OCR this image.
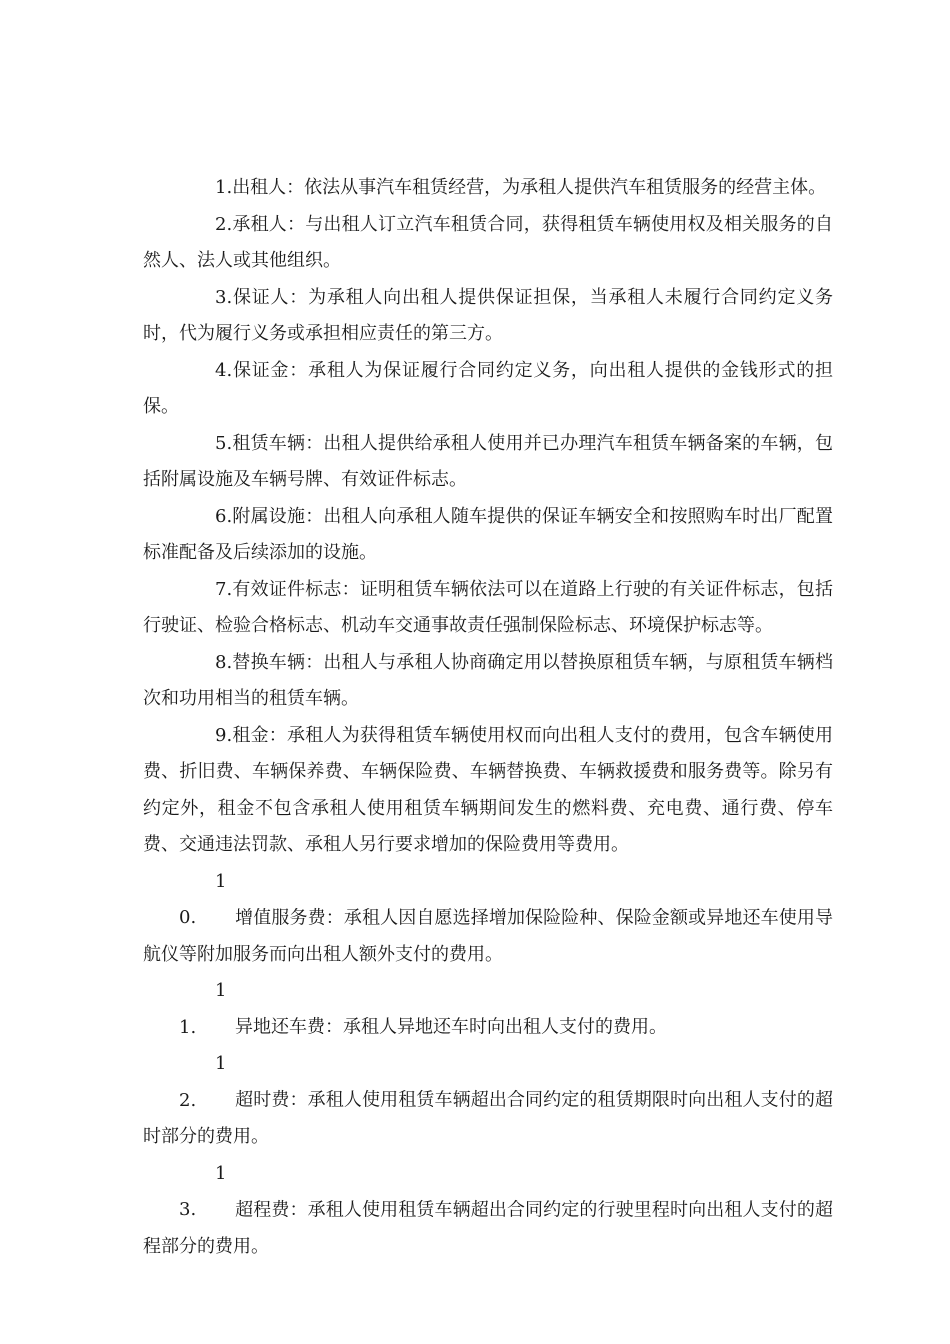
1.出租人：依法从事汽车租赁经营，为承租人提供汽车租赁服务的经营主体。

2.承租人：与出租人订立汽车租赁合同，获得租赁车辆使用权及相关服务的自然人、法人或其他组织。

3.保证人：为承租人向出租人提供保证担保，当承租人未履行合同约定义务时，代为履行义务或承担相应责任的第三方。

4.保证金：承租人为保证履行合同约定义务，向出租人提供的金钱形式的担保。

5.租赁车辆：出租人提供给承租人使用并已办理汽车租赁车辆备案的车辆，包括附属设施及车辆号牌、有效证件标志。

6.附属设施：出租人向承租人随车提供的保证车辆安全和按照购车时出厂配置标准配备及后续添加的设施。

7.有效证件标志：证明租赁车辆依法可以在道路上行驶的有关证件标志，包括行驶证、检验合格标志、机动车交通事故责任强制保险标志、环境保护标志等。

8.替换车辆：出租人与承租人协商确定用以替换原租赁车辆，与原租赁车辆档次和功用相当的租赁车辆。

9.租金：承租人为获得租赁车辆使用权而向出租人支付的费用，包含车辆使用费、折旧费、车辆保养费、车辆保险费、车辆替换费、车辆救援费和服务费等。除另有约定外，租金不包含承租人使用租赁车辆期间发生的燃料费、充电费、通行费、停车费、交通违法罚款、承租人另行要求增加的保险费用等费用。

10. 增值服务费：承租人因自愿选择增加保险险种、保险金额或异地还车使用导航仪等附加服务而向出租人额外支付的费用。

11. 异地还车费：承租人异地还车时向出租人支付的费用。

12. 超时费：承租人使用租赁车辆超出合同约定的租赁期限时向出租人支付的超时部分的费用。

13. 超程费：承租人使用租赁车辆超出合同约定的行驶里程时向出租人支付的超程部分的费用。
